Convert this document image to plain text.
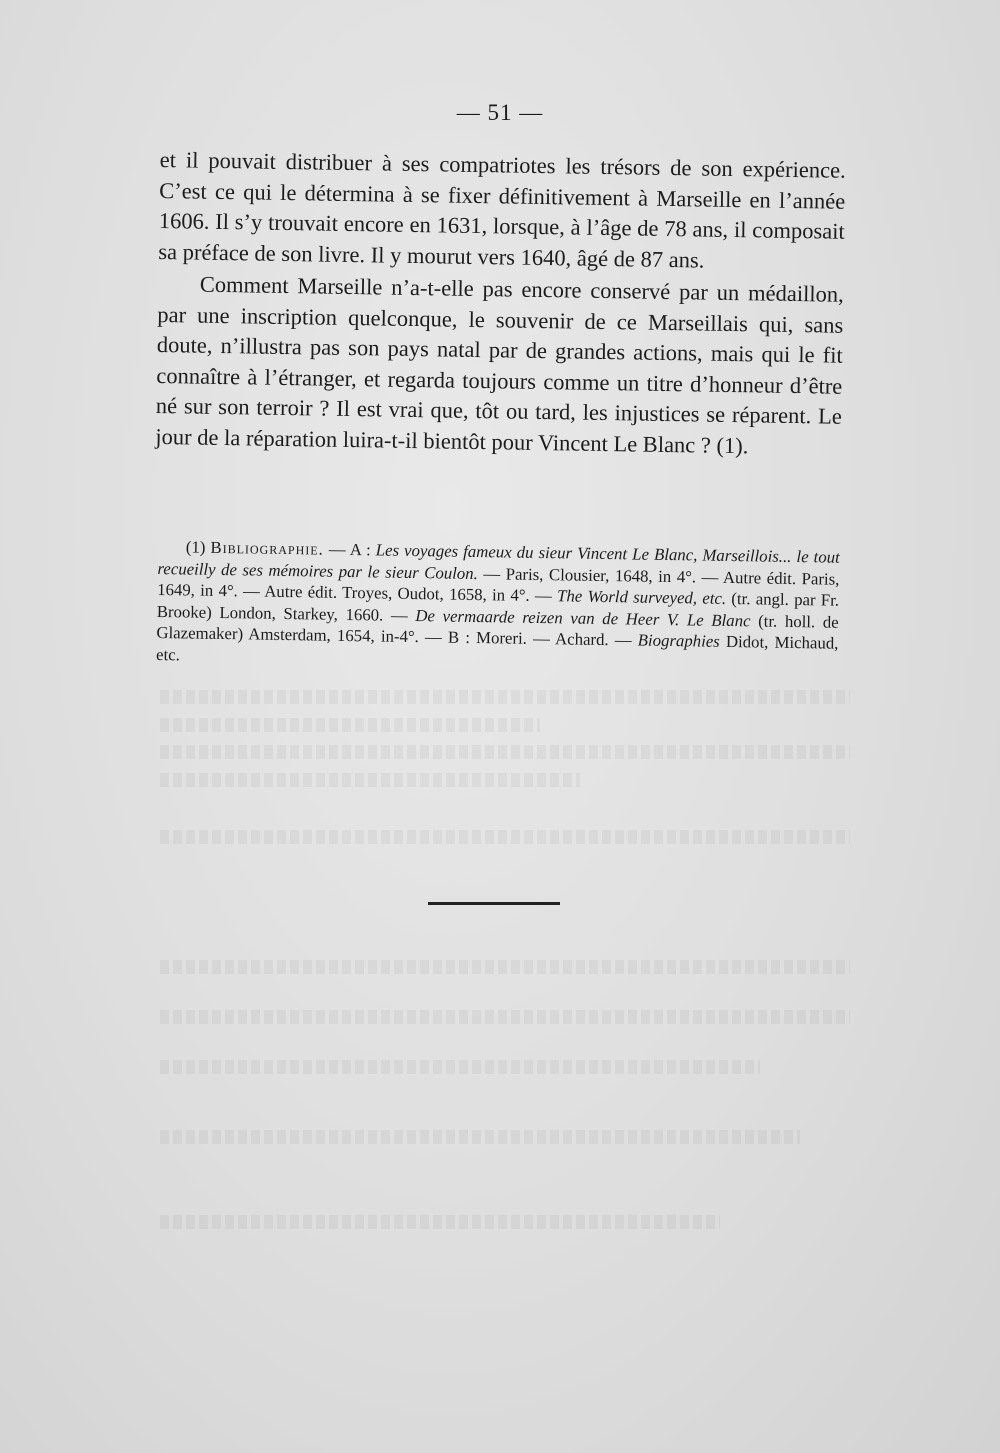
— 51 —

et il pouvait distribuer à ses compatriotes les trésors de son expérience. C’est ce qui le détermina à se fixer définitivement à Marseille en l’année 1606. Il s’y trouvait encore en 1631, lorsque, à l’âge de 78 ans, il composait sa préface de son livre. Il y mourut vers 1640, âgé de 87 ans.

Comment Marseille n’a-t-elle pas encore conservé par un médaillon, par une inscription quelconque, le souvenir de ce Marseillais qui, sans doute, n’illustra pas son pays natal par de grandes actions, mais qui le fit connaître à l’étranger, et regarda toujours comme un titre d’honneur d’être né sur son terroir ? Il est vrai que, tôt ou tard, les injustices se réparent. Le jour de la réparation luira-t-il bientôt pour Vincent Le Blanc ? (1).

(1) Bibliographie. — A : Les voyages fameux du sieur Vincent Le Blanc, Marseillois... le tout recueilly de ses mémoires par le sieur Coulon. — Paris, Clousier, 1648, in 4°. — Autre édit. Paris, 1649, in 4°. — Autre édit. Troyes, Oudot, 1658, in 4°. — The World surveyed, etc. (tr. angl. par Fr. Brooke) London, Starkey, 1660. — De vermaarde reizen van de Heer V. Le Blanc (tr. holl. de Glazemaker) Amsterdam, 1654, in-4°. — B : Moreri. — Achard. — Biographies Didot, Michaud, etc.
